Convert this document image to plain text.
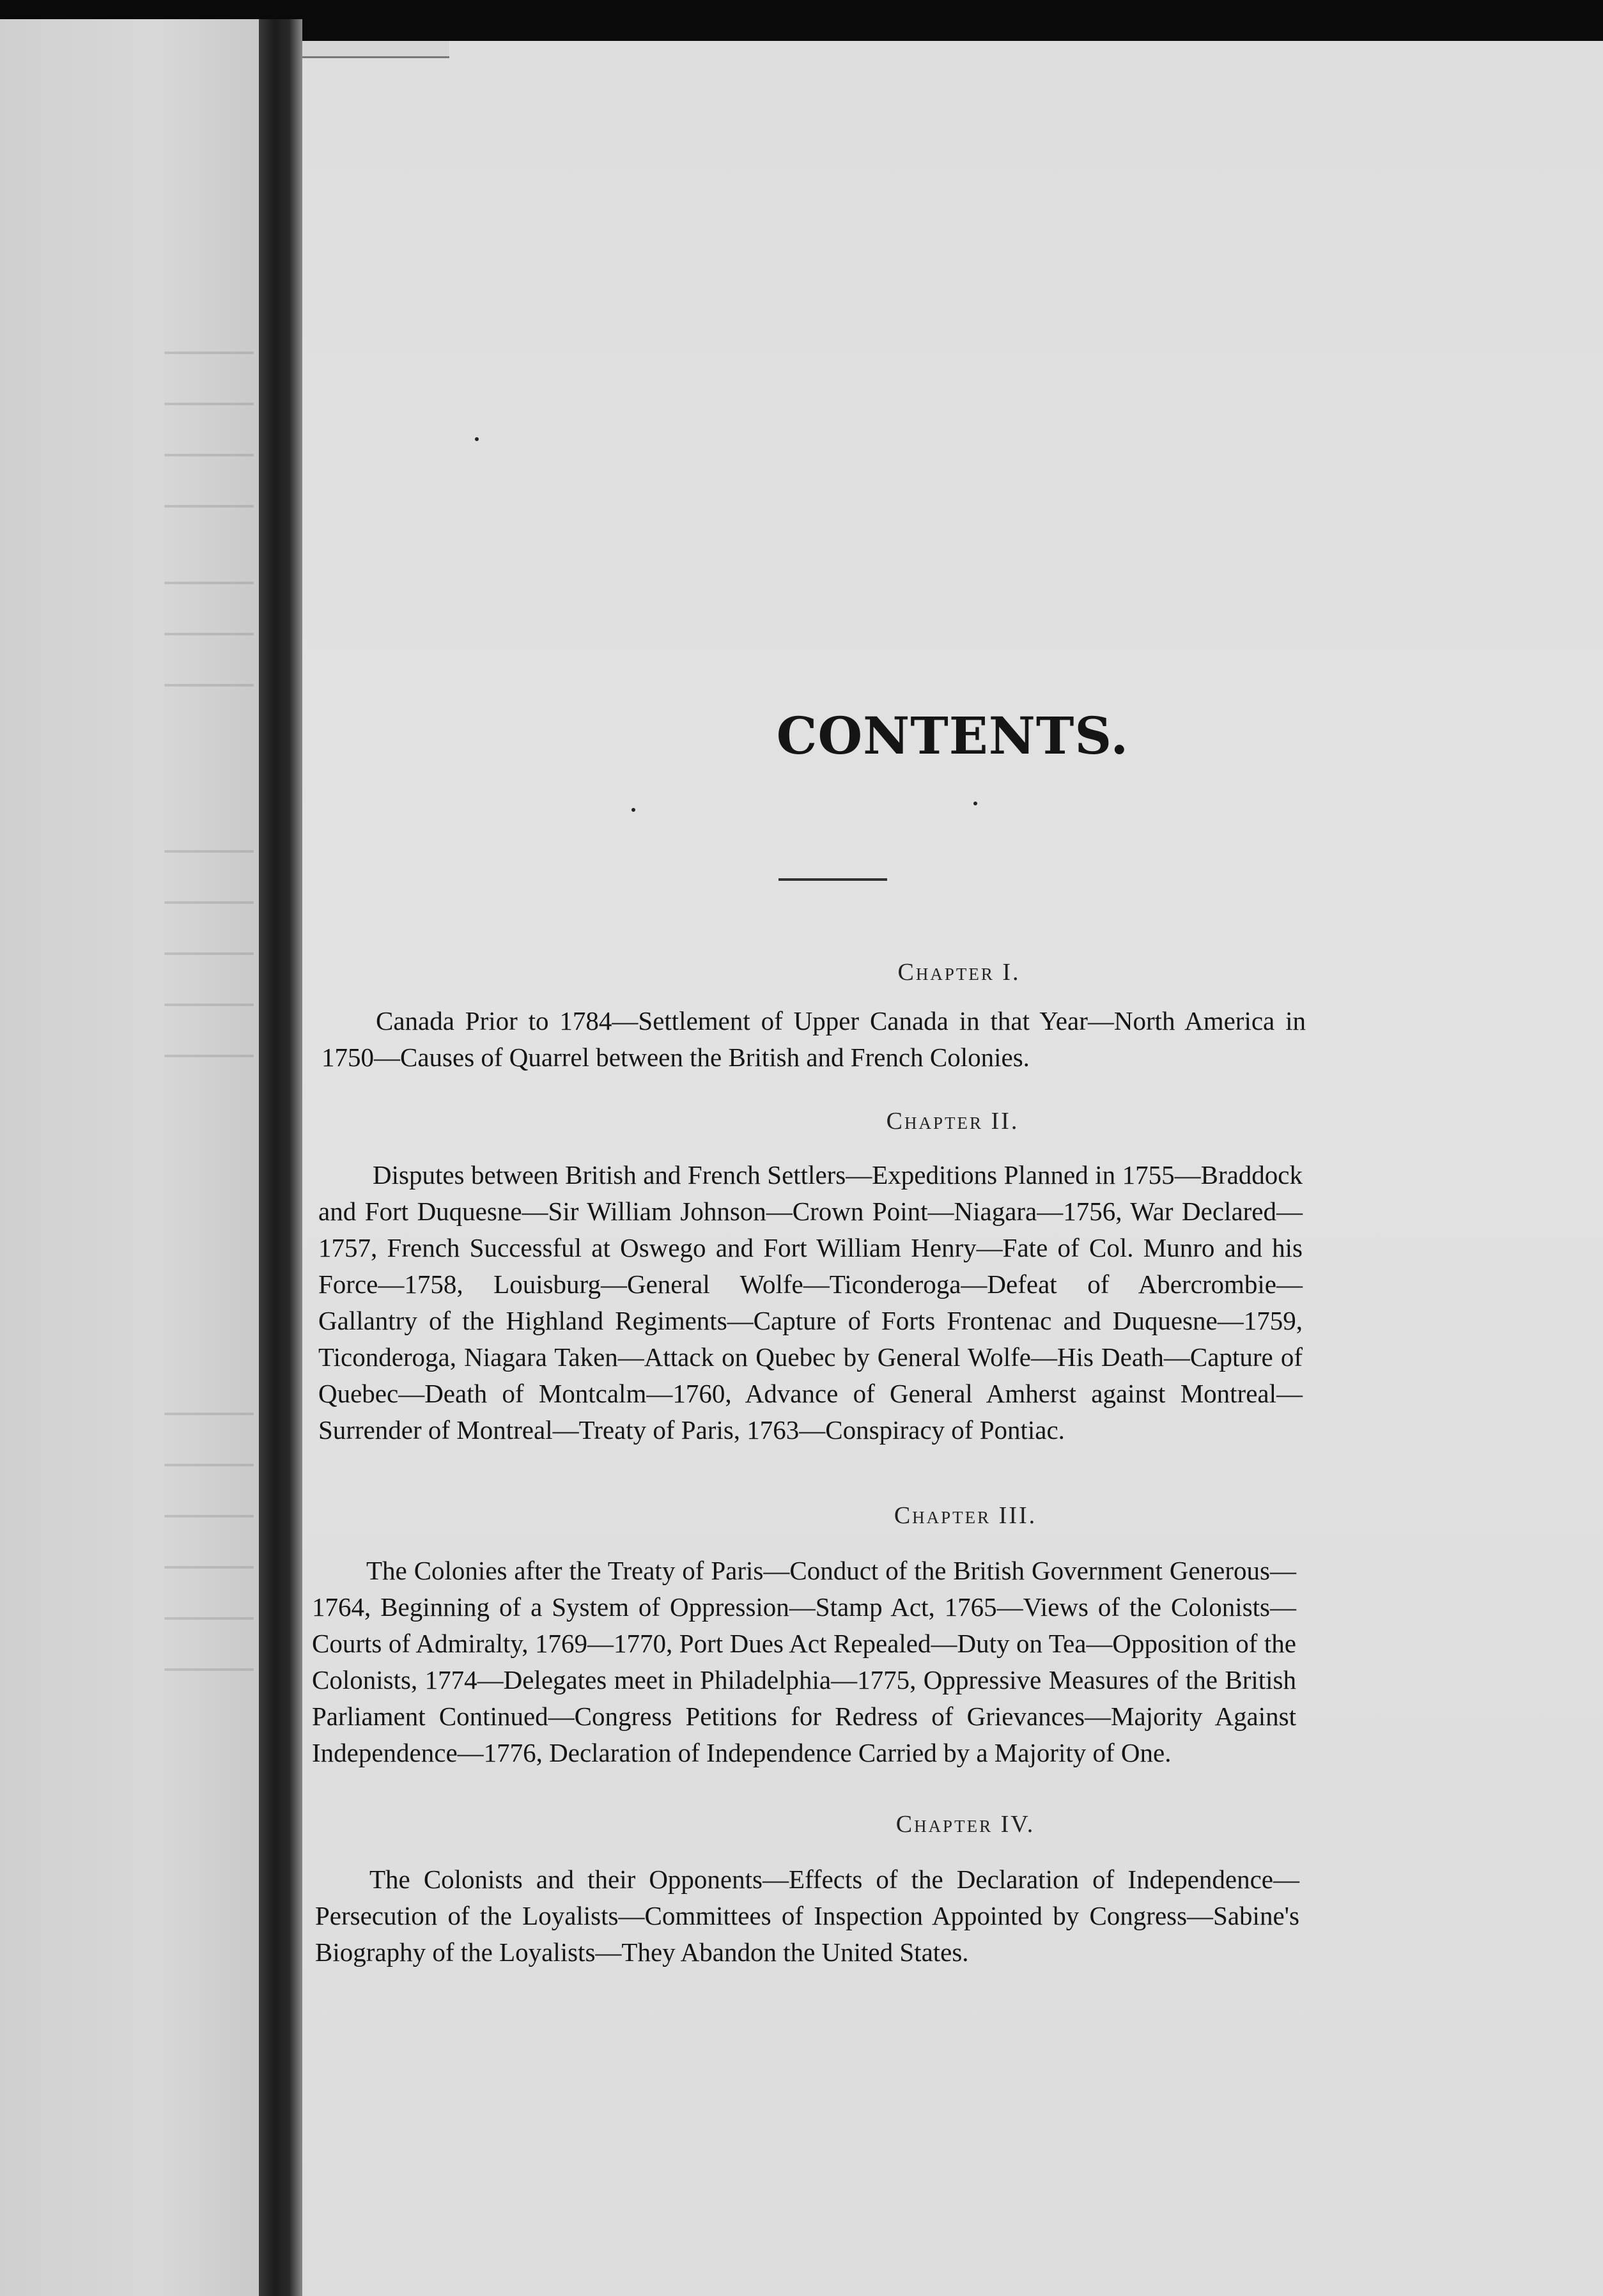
CONTENTS.
Chapter I.

Canada Prior to 1784—Settlement of Upper Canada in that Year—North America in 1750—Causes of Quarrel between the British and French Colonies.

Chapter II.

Disputes between British and French Settlers—Expeditions Planned in 1755—Braddock and Fort Duquesne—Sir William Johnson—Crown Point—Niagara—1756, War Declared—1757, French Successful at Oswego and Fort William Henry—Fate of Col. Munro and his Force—1758, Louisburg—General Wolfe—Ticonderoga—Defeat of Abercrombie—Gallantry of the Highland Regiments—Capture of Forts Frontenac and Duquesne—1759, Ticonderoga, Niagara Taken—Attack on Quebec by General Wolfe—His Death—Capture of Quebec—Death of Montcalm—1760, Advance of General Amherst against Montreal—Surrender of Montreal—Treaty of Paris, 1763—Conspiracy of Pontiac.

Chapter III.

The Colonies after the Treaty of Paris—Conduct of the British Government Generous—1764, Beginning of a System of Oppression—Stamp Act, 1765—Views of the Colonists—Courts of Admiralty, 1769—1770, Port Dues Act Repealed—Duty on Tea—Opposition of the Colonists, 1774—Delegates meet in Philadelphia—1775, Oppressive Measures of the British Parliament Continued—Congress Petitions for Redress of Grievances—Majority Against Independence—1776, Declaration of Independence Carried by a Majority of One.

Chapter IV.

The Colonists and their Opponents—Effects of the Declaration of Independence—Persecution of the Loyalists—Committees of Inspection Appointed by Congress—Sabine's Biography of the Loyalists—They Abandon the United States.
